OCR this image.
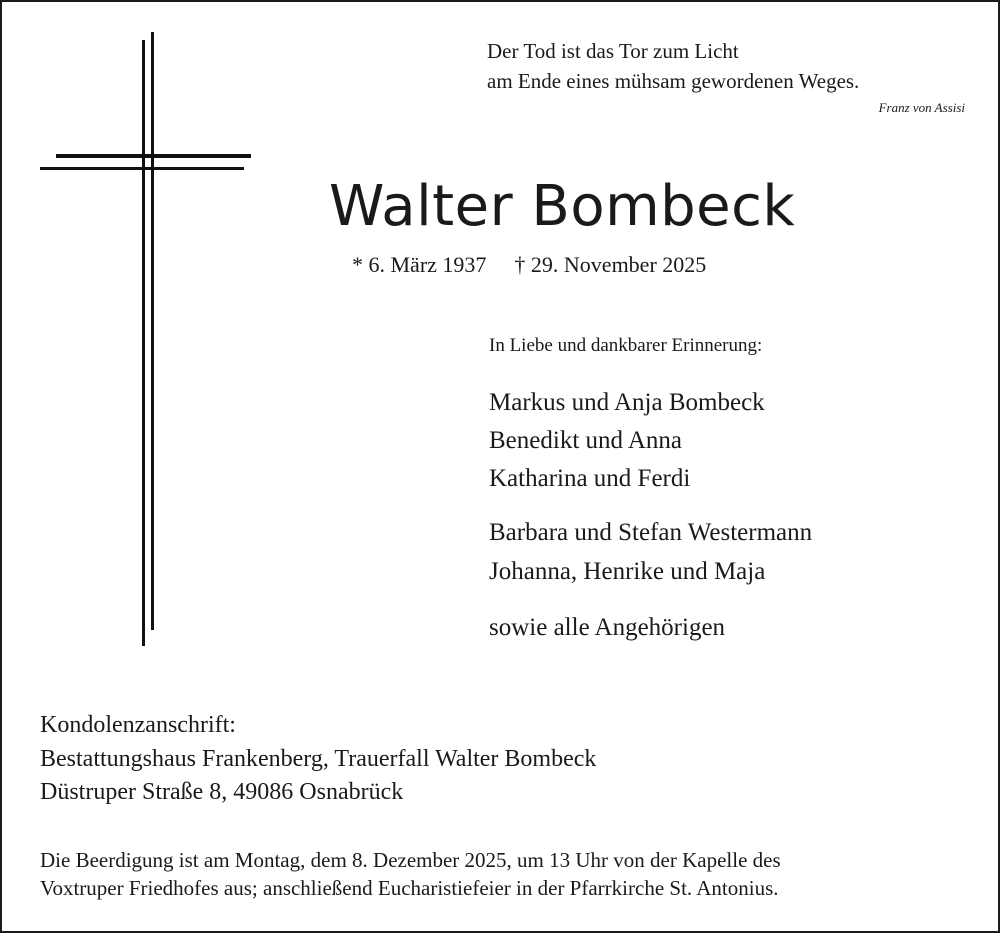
Der Tod ist das Tor zum Licht
am Ende eines mühsam gewordenen Weges.
Franz von Assisi
Walter Bombeck
* 6. März 1937 † 29. November 2025
In Liebe und dankbarer Erinnerung:
Markus und Anja Bombeck
Benedikt und Anna
Katharina und Ferdi
Barbara und Stefan Westermann
Johanna, Henrike und Maja
sowie alle Angehörigen
Kondolenzanschrift:
Bestattungshaus Frankenberg, Trauerfall Walter Bombeck
Düstruper Straße 8, 49086 Osnabrück
Die Beerdigung ist am Montag, dem 8. Dezember 2025, um 13 Uhr von der Kapelle des
Voxtruper Friedhofes aus; anschließend Eucharistiefeier in der Pfarrkirche St. Antonius.
